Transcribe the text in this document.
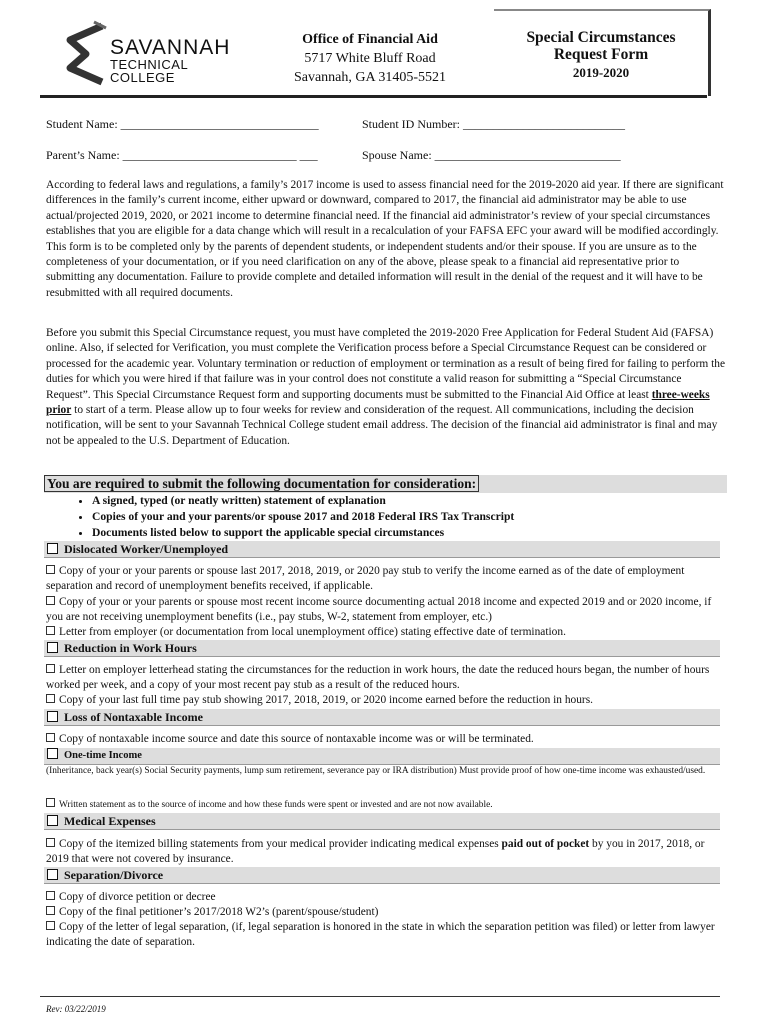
SAVANNAH
TECHNICAL COLLEGE
Office of Financial Aid
5717 White Bluff Road
Savannah, GA 31405-5521
Special Circumstances
Request Form
2019-2020
Student Name: _________________________________	Student ID Number: ___________________________
Parent’s Name: _____________________________ ___	Spouse Name: _______________________________

According to federal laws and regulations, a family’s 2017 income is used to assess financial need for the 2019-2020 aid year. If there are significant differences in the family’s current income, either upward or downward, compared to 2017, the financial aid administrator may be able to use actual/projected 2019, 2020, or 2021 income to determine financial need. If the financial aid administrator’s review of your special circumstances establishes that you are eligible for a data change which will result in a recalculation of your FAFSA EFC your award will be modified accordingly. This form is to be completed only by the parents of dependent students, or independent students and/or their spouse. If you are unsure as to the completeness of your documentation, or if you need clarification on any of the above, please speak to a financial aid representative prior to submitting any documentation. Failure to provide complete and detailed information will result in the denial of the request and it will have to be resubmitted with all required documents.

Before you submit this Special Circumstance request, you must have completed the 2019-2020 Free Application for Federal Student Aid (FAFSA) online. Also, if selected for Verification, you must complete the Verification process before a Special Circumstance Request can be considered or processed for the academic year. Voluntary termination or reduction of employment or termination as a result of being fired for failing to perform the duties for which you were hired if that failure was in your control does not constitute a valid reason for submitting a “Special Circumstance Request”. This Special Circumstance Request form and supporting documents must be submitted to the Financial Aid Office at least three-weeks prior to start of a term. Please allow up to four weeks for review and consideration of the request. All communications, including the decision notification, will be sent to your Savannah Technical College student email address. The decision of the financial aid administrator is final and may not be appealed to the U.S. Department of Education.

You are required to submit the following documentation for consideration:
• A signed, typed (or neatly written) statement of explanation
• Copies of your and your parents/or spouse 2017 and 2018 Federal IRS Tax Transcript
• Documents listed below to support the applicable special circumstances
Dislocated Worker/Unemployed

Copy of your or your parents or spouse last 2017, 2018, 2019, or 2020 pay stub to verify the income earned as of the date of employment separation and record of unemployment benefits received, if applicable.

Copy of your or your parents or spouse most recent income source documenting actual 2018 income and expected 2019 and or 2020 income, if you are not receiving unemployment benefits (i.e., pay stubs, W-2, statement from employer, etc.)

Letter from employer (or documentation from local unemployment office) stating effective date of termination.

Reduction in Work Hours

Letter on employer letterhead stating the circumstances for the reduction in work hours, the date the reduced hours began, the number of hours worked per week, and a copy of your most recent pay stub as a result of the reduced hours.

Copy of your last full time pay stub showing 2017, 2018, 2019, or 2020 income earned before the reduction in hours.

Loss of Nontaxable Income

Copy of nontaxable income source and date this source of nontaxable income was or will be terminated.

One-time Income

(Inheritance, back year(s) Social Security payments, lump sum retirement, severance pay or IRA distribution) Must provide proof of how one-time income was exhausted/used.

Written statement as to the source of income and how these funds were spent or invested and are not now available.

Medical Expenses

Copy of the itemized billing statements from your medical provider indicating medical expenses paid out of pocket by you in 2017, 2018, or 2019 that were not covered by insurance.

Separation/Divorce

Copy of divorce petition or decree

Copy of the final petitioner’s 2017/2018 W2’s (parent/spouse/student)

Copy of the letter of legal separation, (if, legal separation is honored in the state in which the separation petition was filed) or letter from lawyer indicating the date of separation.

Rev: 03/22/2019
